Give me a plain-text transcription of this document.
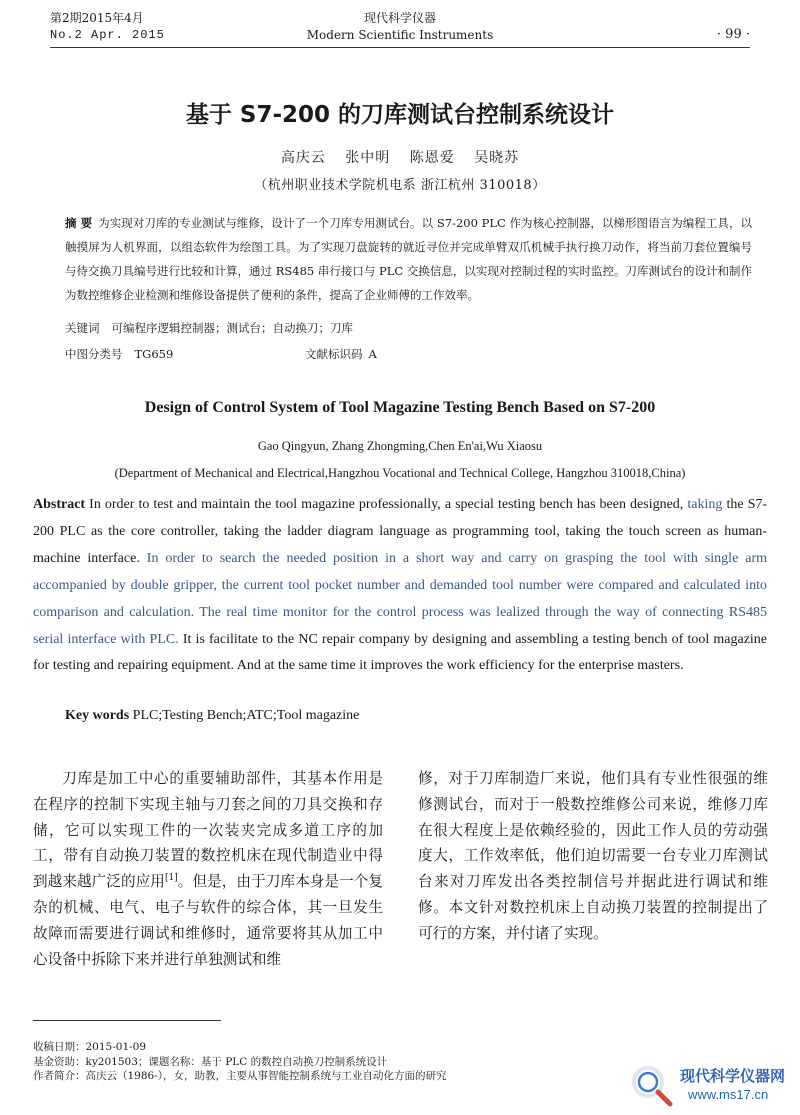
第2期2015年4月
No.2 Apr. 2015
现代科学仪器
Modern Scientific Instruments	· 99 ·
基于 S7-200 的刀库测试台控制系统设计
高庆云 张中明 陈恩爱 吴晓苏
（杭州职业技术学院机电系 浙江杭州 310018）
摘 要 为实现对刀库的专业测试与维修，设计了一个刀库专用测试台。以 S7-200 PLC 作为核心控制器，以梯形图语言为编程工具，以触摸屏为人机界面，以组态软件为绘图工具。为了实现刀盘旋转的就近寻位并完成单臂双爪机械手执行换刀动作，将当前刀套位置编号与待交换刀具编号进行比较和计算，通过 RS485 串行接口与 PLC 交换信息，以实现对控制过程的实时监控。刀库测试台的设计和制作为数控维修企业检测和维修设备提供了便利的条件，提高了企业师傅的工作效率。
关键词 可编程序逻辑控制器；测试台；自动换刀；刀库
中图分类号 TG659	文献标识码 A
Design of Control System of Tool Magazine Testing Bench Based on S7-200
Gao Qingyun, Zhang Zhongming,Chen En'ai,Wu Xiaosu
(Department of Mechanical and Electrical,Hangzhou Vocational and Technical College, Hangzhou 310018,China)
Abstract In order to test and maintain the tool magazine professionally, a special testing bench has been designed, taking the S7-200 PLC as the core controller, taking the ladder diagram language as programming tool, taking the touch screen as human-machine interface. In order to search the needed position in a short way and carry on grasping the tool with single arm accompanied by double gripper, the current tool pocket number and demanded tool number were compared and calculated into comparison and calculation. The real time monitor for the control process was lealized through the way of connecting RS485 serial interface with PLC. It is facilitate to the NC repair company by designing and assembling a testing bench of tool magazine for testing and repairing equipment. And at the same time it improves the work efficiency for the enterprise masters.
Key words PLC;Testing Bench;ATC;Tool magazine
刀库是加工中心的重要辅助部件，其基本作用是在程序的控制下实现主轴与刀套之间的刀具交换和存储，它可以实现工件的一次装夹完成多道工序的加工，带有自动换刀装置的数控机床在现代制造业中得到越来越广泛的应用[1]。但是，由于刀库本身是一个复杂的机械、电气、电子与软件的综合体，其一旦发生故障而需要进行调试和维修时，通常要将其从加工中心设备中拆除下来并进行单独测试和维
修，对于刀库制造厂来说，他们具有专业性很强的维修测试台，而对于一般数控维修公司来说，维修刀库在很大程度上是依赖经验的，因此工作人员的劳动强度大，工作效率低，他们迫切需要一台专业刀库测试台来对刀库发出各类控制信号并据此进行调试和维修。本文针对数控机床上自动换刀装置的控制提出了可行的方案，并付诸了实现。
收稿日期：2015-01-09
基金资助：ky201503；课题名称：基于 PLC 的数控自动换刀控制系统设计
作者简介：高庆云（1986-），女，助教，主要从事智能控制系统与工业自动化方面的研究	现代科学仪器网
www.ms17.cn
